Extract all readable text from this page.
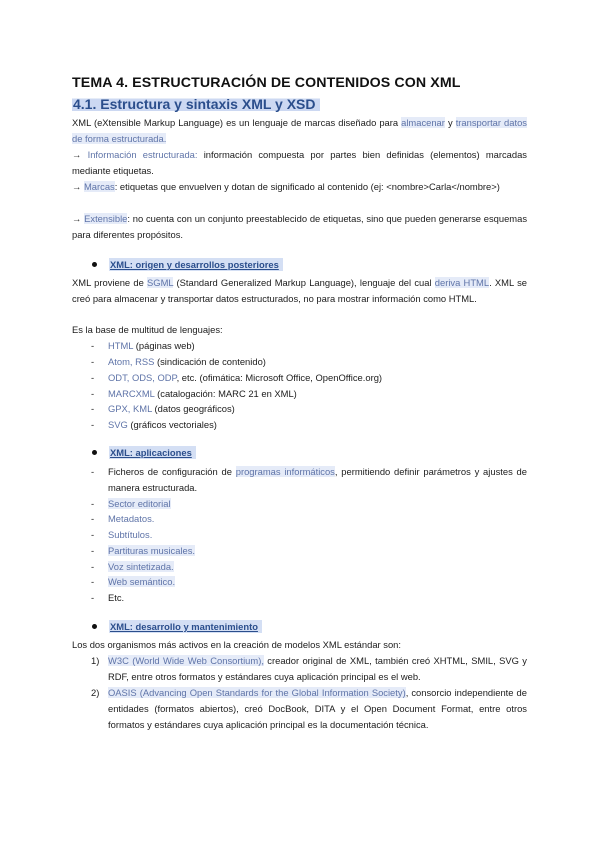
TEMA 4. ESTRUCTURACIÓN DE CONTENIDOS CON XML
4.1. Estructura y sintaxis XML y XSD
XML (eXtensible Markup Language) es un lenguaje de marcas diseñado para almacenar y transportar datos de forma estructurada.
→ Información estructurada: información compuesta por partes bien definidas (elementos) marcadas mediante etiquetas.
→ Marcas: etiquetas que envuelven y dotan de significado al contenido (ej: <nombre>Carla</nombre>)
→ Extensible: no cuenta con un conjunto preestablecido de etiquetas, sino que pueden generarse esquemas para diferentes propósitos.
XML: origen y desarrollos posteriores
XML proviene de SGML (Standard Generalized Markup Language), lenguaje del cual deriva HTML. XML se creó para almacenar y transportar datos estructurados, no para mostrar información como HTML.
Es la base de multitud de lenguajes:
- HTML (páginas web)
- Atom, RSS (sindicación de contenido)
- ODT, ODS, ODP, etc. (ofimática: Microsoft Office, OpenOffice.org)
- MARCXML (catalogación: MARC 21 en XML)
- GPX, KML (datos geográficos)
- SVG (gráficos vectoriales)
XML: aplicaciones
- Ficheros de configuración de programas informáticos, permitiendo definir parámetros y ajustes de manera estructurada.
- Sector editorial
- Metadatos.
- Subtítulos.
- Partituras musicales.
- Voz sintetizada.
- Web semántico.
- Etc.
XML: desarrollo y mantenimiento
Los dos organismos más activos en la creación de modelos XML estándar son:
1) W3C (World Wide Web Consortium), creador original de XML, también creó XHTML, SMIL, SVG y RDF, entre otros formatos y estándares cuya aplicación principal es el web.
2) OASIS (Advancing Open Standards for the Global Information Society), consorcio independiente de entidades (formatos abiertos), creó DocBook, DITA y el Open Document Format, entre otros formatos y estándares cuya aplicación principal es la documentación técnica.
